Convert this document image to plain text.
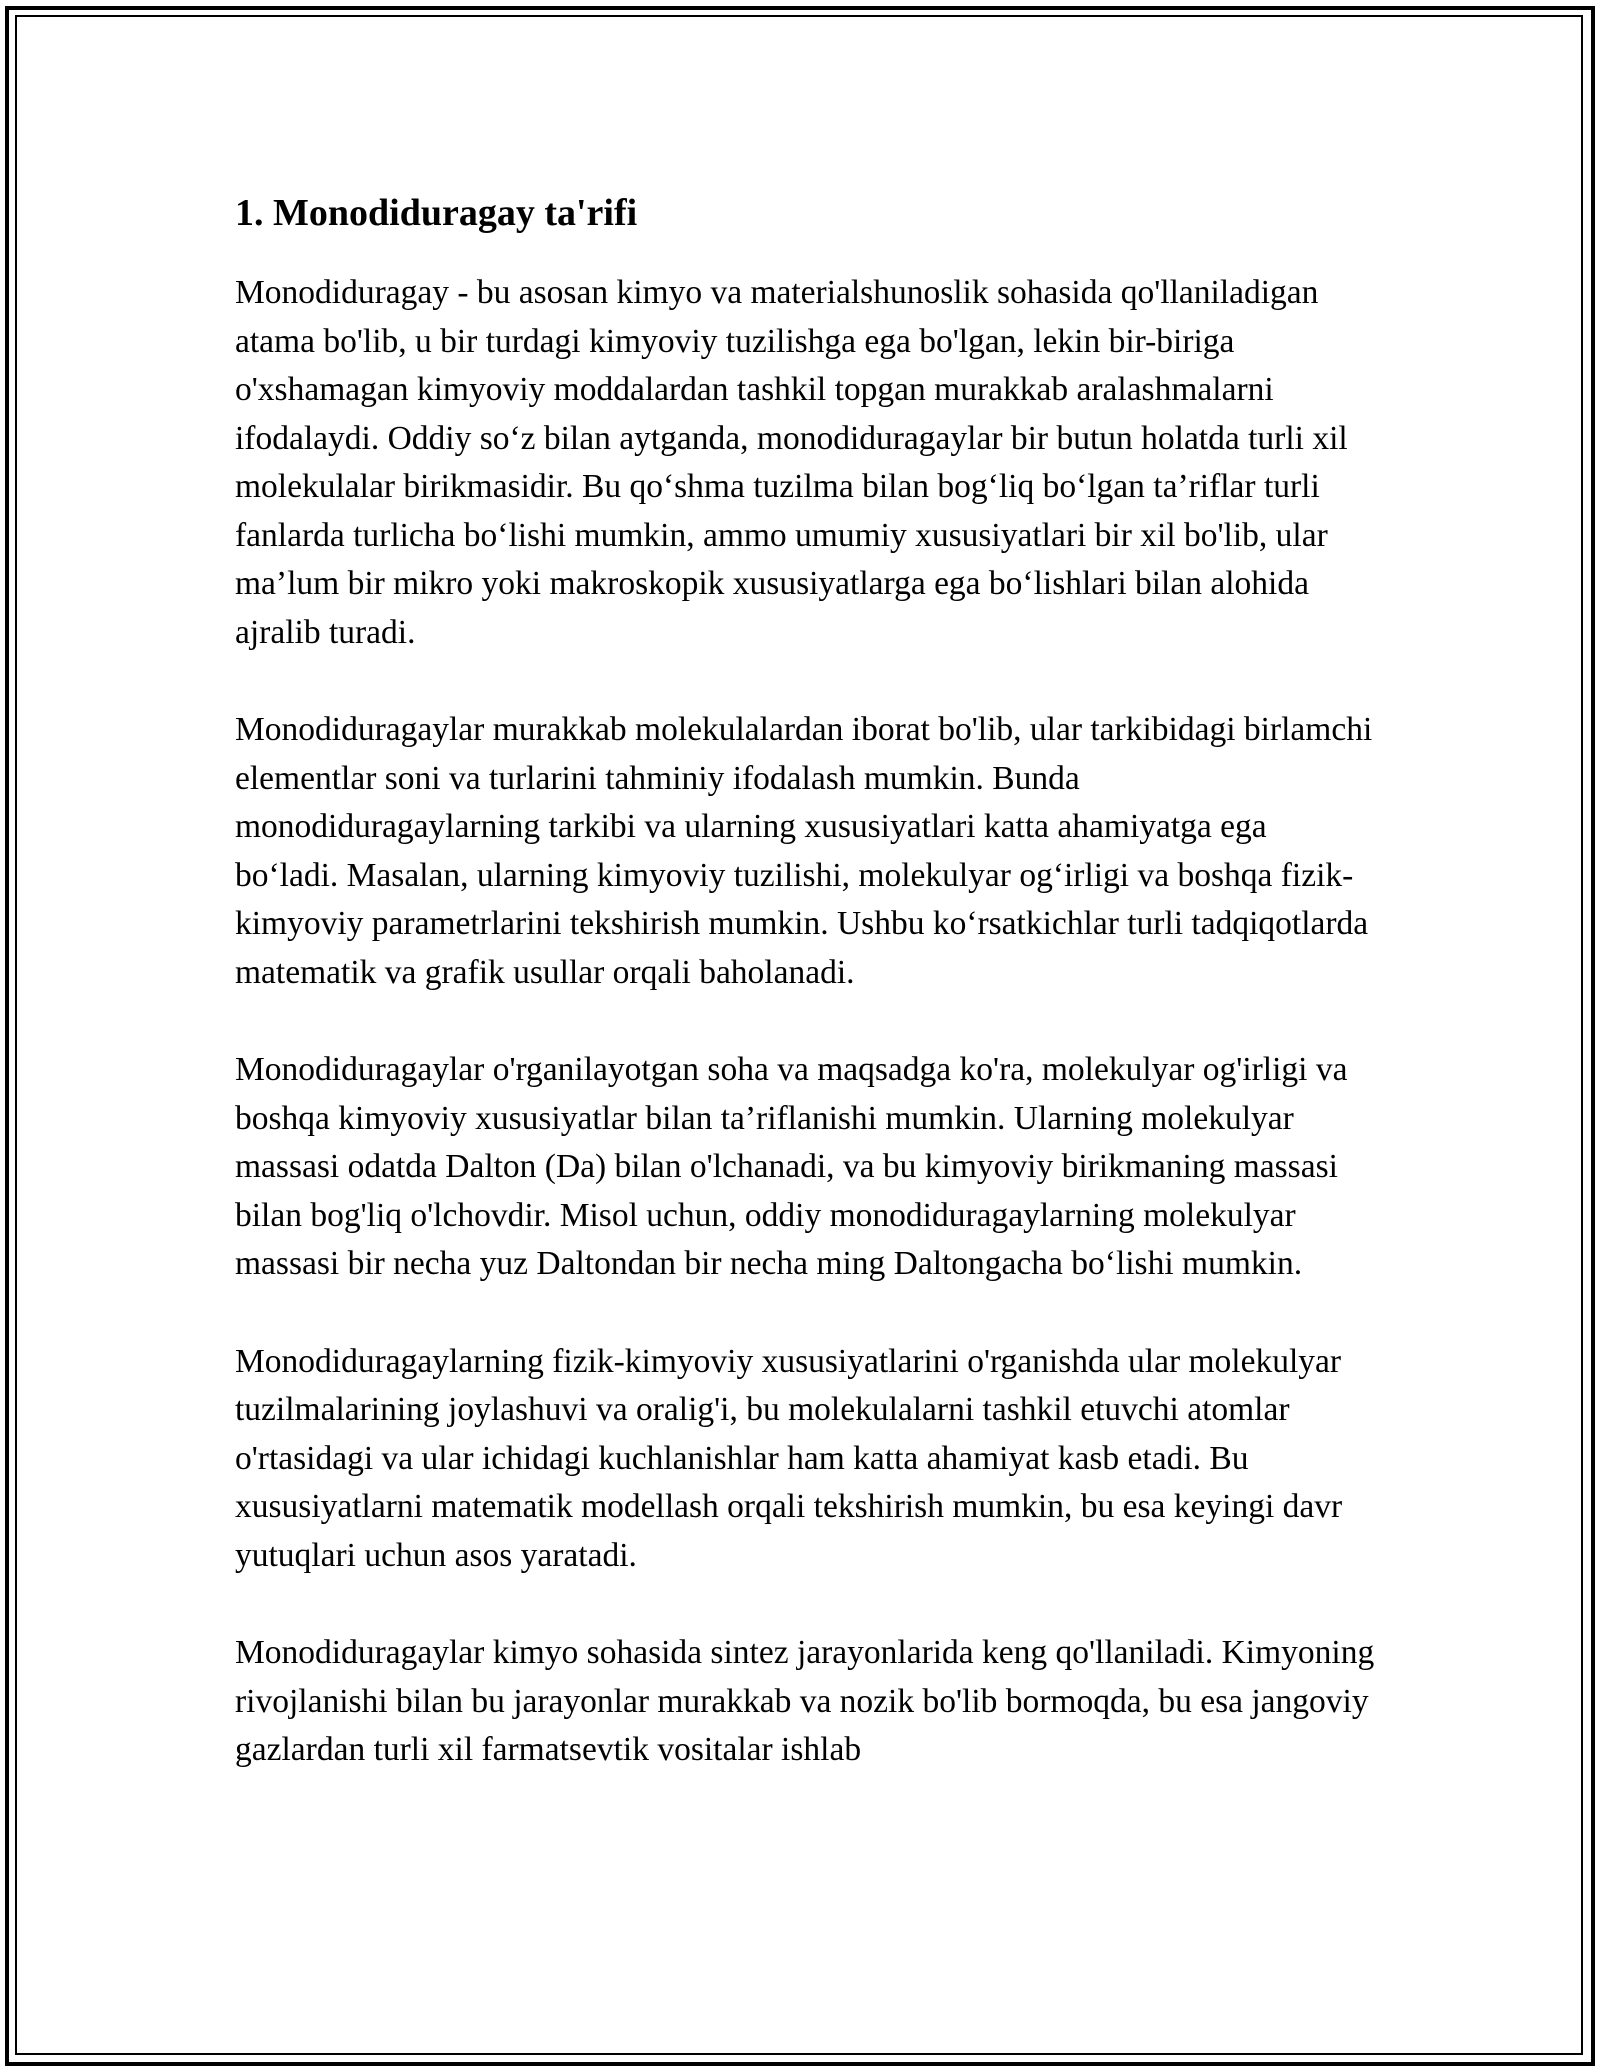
1. Monodiduragay ta'rifi

Monodiduragay - bu asosan kimyo va materialshunoslik sohasida qo'llaniladigan atama bo'lib, u bir turdagi kimyoviy tuzilishga ega bo'lgan, lekin bir-biriga o'xshamagan kimyoviy moddalardan tashkil topgan murakkab aralashmalarni ifodalaydi. Oddiy so‘z bilan aytganda, monodiduragaylar bir butun holatda turli xil molekulalar birikmasidir. Bu qo‘shma tuzilma bilan bog‘liq bo‘lgan ta’riflar turli fanlarda turlicha bo‘lishi mumkin, ammo umumiy xususiyatlari bir xil bo'lib, ular ma’lum bir mikro yoki makroskopik xususiyatlarga ega bo‘lishlari bilan alohida ajralib turadi.

Monodiduragaylar murakkab molekulalardan iborat bo'lib, ular tarkibidagi birlamchi elementlar soni va turlarini tahminiy ifodalash mumkin. Bunda monodiduragaylarning tarkibi va ularning xususiyatlari katta ahamiyatga ega bo‘ladi. Masalan, ularning kimyoviy tuzilishi, molekulyar og‘irligi va boshqa fizik-kimyoviy parametrlarini tekshirish mumkin. Ushbu ko‘rsatkichlar turli tadqiqotlarda matematik va grafik usullar orqali baholanadi.

Monodiduragaylar o'rganilayotgan soha va maqsadga ko'ra, molekulyar og'irligi va boshqa kimyoviy xususiyatlar bilan ta’riflanishi mumkin. Ularning molekulyar massasi odatda Dalton (Da) bilan o'lchanadi, va bu kimyoviy birikmaning massasi bilan bog'liq o'lchovdir. Misol uchun, oddiy monodiduragaylarning molekulyar massasi bir necha yuz Daltondan bir necha ming Daltongacha bo‘lishi mumkin.

Monodiduragaylarning fizik-kimyoviy xususiyatlarini o'rganishda ular molekulyar tuzilmalarining joylashuvi va oralig'i, bu molekulalarni tashkil etuvchi atomlar o'rtasidagi va ular ichidagi kuchlanishlar ham katta ahamiyat kasb etadi. Bu xususiyatlarni matematik modellash orqali tekshirish mumkin, bu esa keyingi davr yutuqlari uchun asos yaratadi.

Monodiduragaylar kimyo sohasida sintez jarayonlarida keng qo'llaniladi. Kimyoning rivojlanishi bilan bu jarayonlar murakkab va nozik bo'lib bormoqda, bu esa jangoviy gazlardan turli xil farmatsevtik vositalar ishlab
